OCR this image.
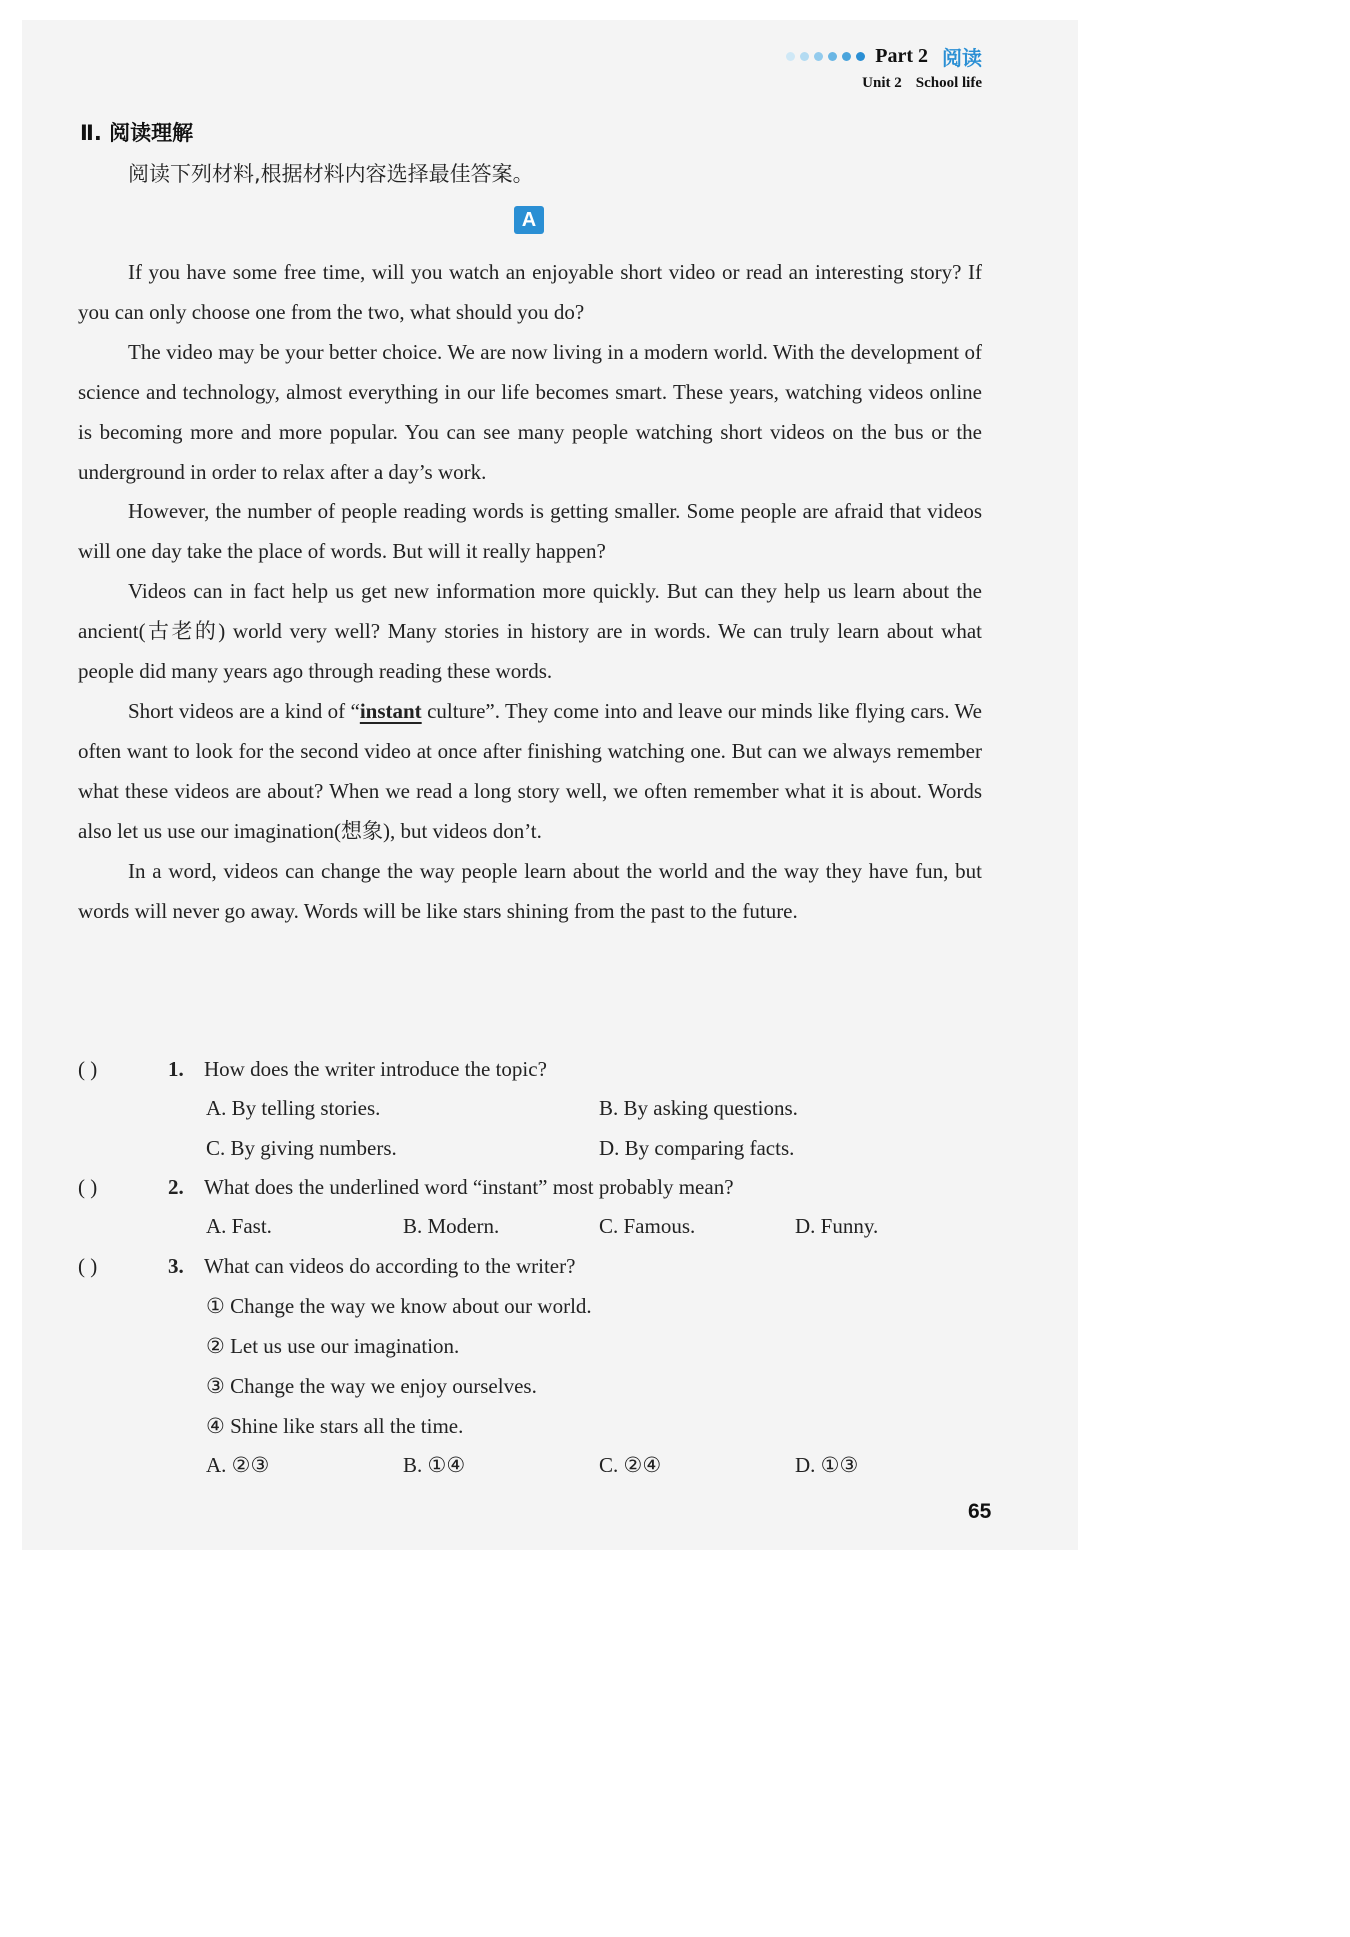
Part 2 阅读
Unit 2 School life
Ⅱ. 阅读理解
阅读下列材料,根据材料内容选择最佳答案。
A

If you have some free time, will you watch an enjoyable short video or read an interesting story? If you can only choose one from the two, what should you do?

The video may be your better choice. We are now living in a modern world. With the development of science and technology, almost everything in our life becomes smart. These years, watching videos online is becoming more and more popular. You can see many people watching short videos on the bus or the underground in order to relax after a day’s work.

However, the number of people reading words is getting smaller. Some people are afraid that videos will one day take the place of words. But will it really happen?

Videos can in fact help us get new information more quickly. But can they help us learn about the ancient(古老的) world very well? Many stories in history are in words. We can truly learn about what people did many years ago through reading these words.

Short videos are a kind of “instant culture”. They come into and leave our minds like flying cars. We often want to look for the second video at once after finishing watching one. But can we always remember what these videos are about? When we read a long story well, we often remember what it is about. Words also let us use our imagination(想象), but videos don’t.

In a word, videos can change the way people learn about the world and the way they have fun, but words will never go away. Words will be like stars shining from the past to the future.

( )	1. How does the writer introduce the topic?
A. By telling stories.	B. By asking questions.
C. By giving numbers.	D. By comparing facts.
( )	2. What does the underlined word “instant” most probably mean?
A. Fast.	B. Modern.	C. Famous.	D. Funny.
( )	3. What can videos do according to the writer?
① Change the way we know about our world.
② Let us use our imagination.
③ Change the way we enjoy ourselves.
④ Shine like stars all the time.
A. ②③	B. ①④	C. ②④	D. ①③
65
